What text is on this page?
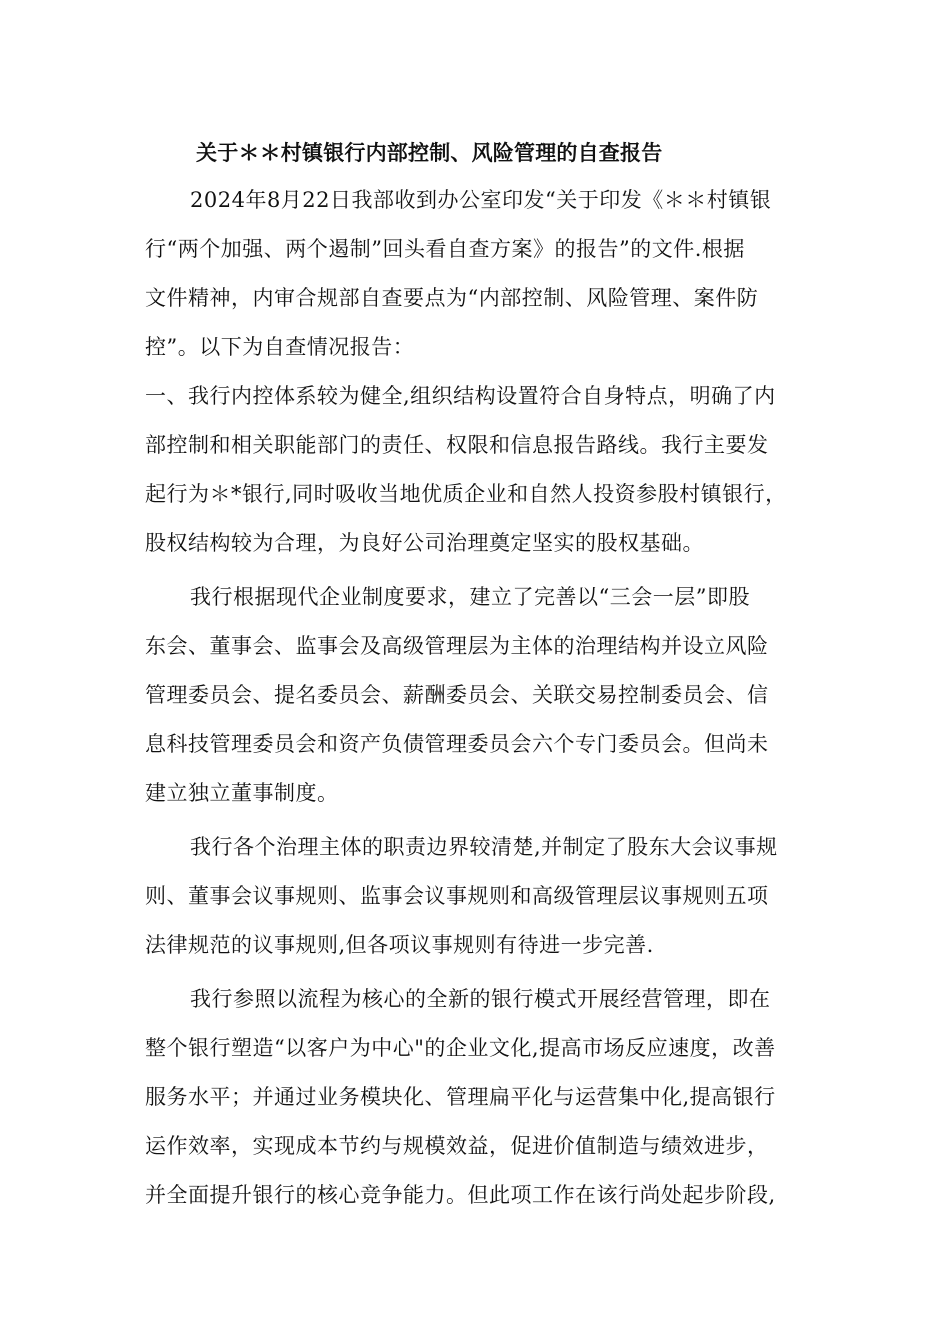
关于＊＊村镇银行内部控制、风险管理的自查报告
2024年8月22日我部收到办公室印发“关于印发《＊＊村镇银
行“两个加强、两个遏制”回头看自查方案》的报告”的文件.根据
文件精神，内审合规部自查要点为“内部控制、风险管理、案件防
控”。以下为自查情况报告：
一、我行内控体系较为健全,组织结构设置符合自身特点，明确了内
部控制和相关职能部门的责任、权限和信息报告路线。我行主要发
起行为＊*银行,同时吸收当地优质企业和自然人投资参股村镇银行，
股权结构较为合理，为良好公司治理奠定坚实的股权基础。
我行根据现代企业制度要求，建立了完善以“三会一层”即股
东会、董事会、监事会及高级管理层为主体的治理结构并设立风险
管理委员会、提名委员会、薪酬委员会、关联交易控制委员会、信
息科技管理委员会和资产负债管理委员会六个专门委员会。但尚未
建立独立董事制度。
我行各个治理主体的职责边界较清楚,并制定了股东大会议事规
则、董事会议事规则、监事会议事规则和高级管理层议事规则五项
法律规范的议事规则,但各项议事规则有待进一步完善.
我行参照以流程为核心的全新的银行模式开展经营管理，即在
整个银行塑造“以客户为中心"的企业文化,提高市场反应速度，改善
服务水平；并通过业务模块化、管理扁平化与运营集中化,提高银行
运作效率，实现成本节约与规模效益，促进价值制造与绩效进步，
并全面提升银行的核心竞争能力。但此项工作在该行尚处起步阶段,
